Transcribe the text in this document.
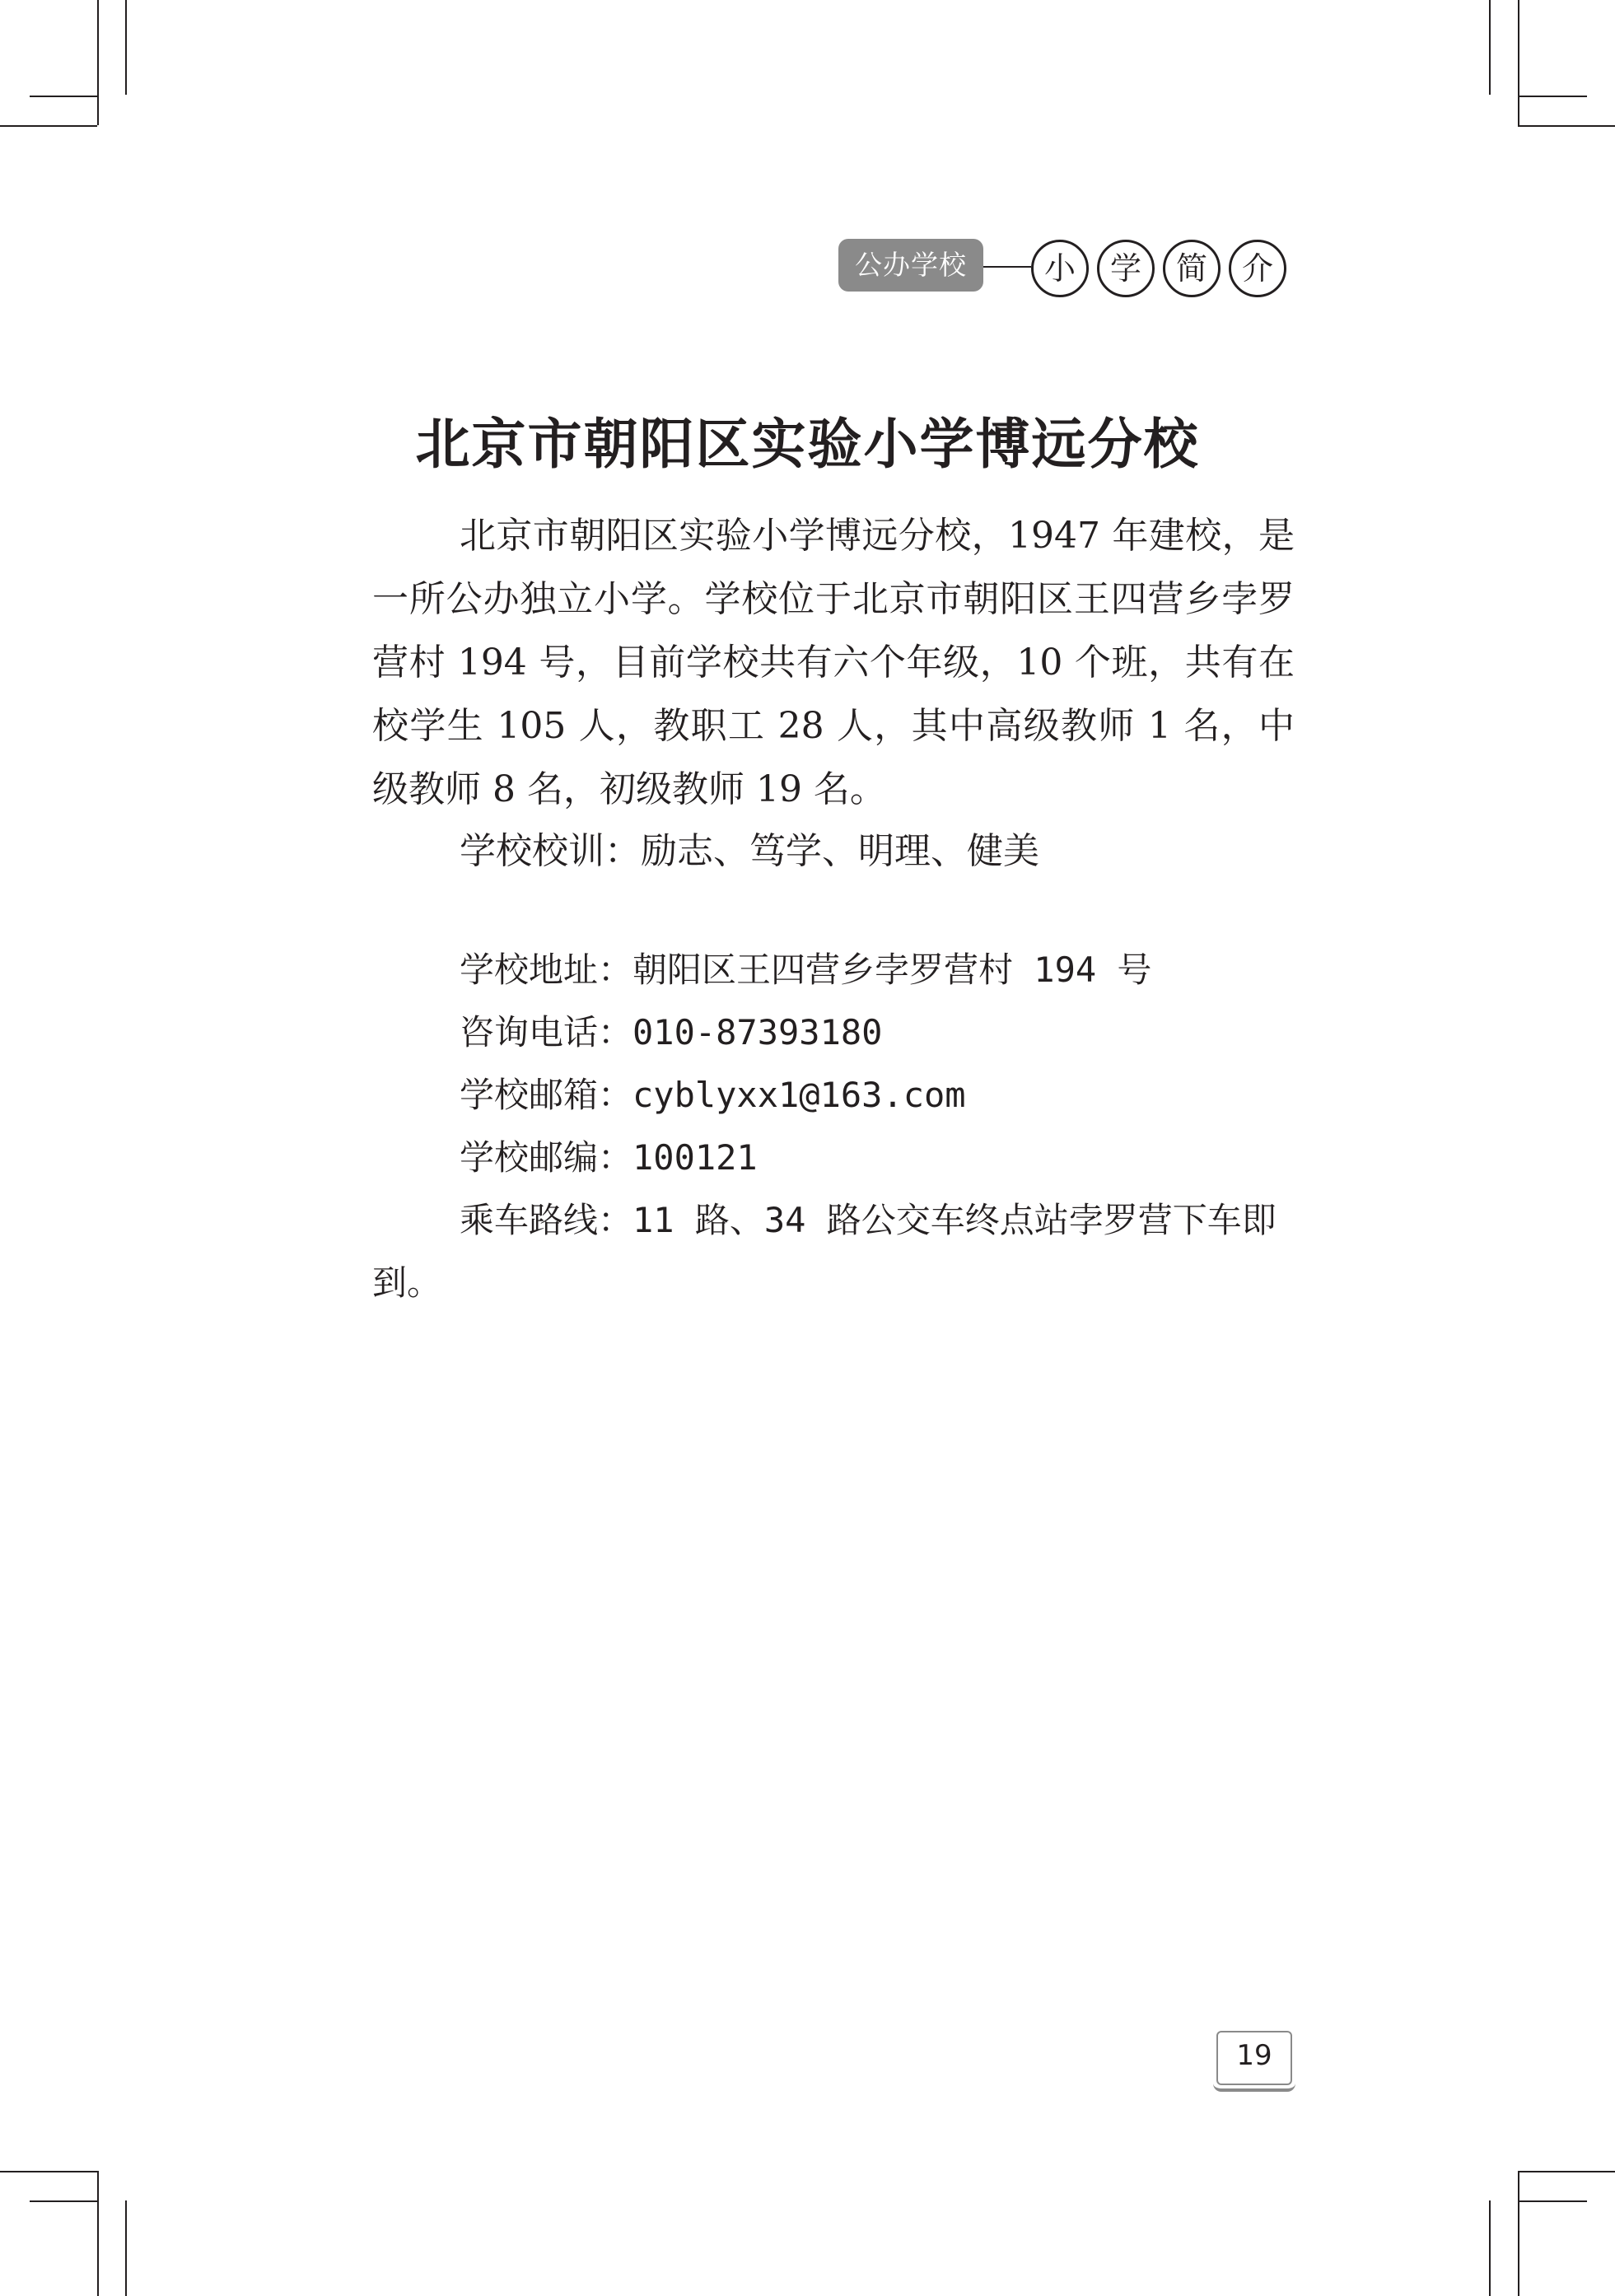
公办学校	小	学	简	介
北京市朝阳区实验小学博远分校

北京市朝阳区实验小学博远分校，1947 年建校，是一所公办独立小学。学校位于北京市朝阳区王四营乡孛罗营村 194 号，目前学校共有六个年级，10 个班，共有在校学生 105 人，教职工 28 人，其中高级教师 1 名，中级教师 8 名，初级教师 19 名。

学校校训：励志、笃学、明理、健美
学校地址：朝阳区王四营乡孛罗营村 194 号
咨询电话：010-87393180
学校邮箱：cyblyxx1@163.com
学校邮编：100121
乘车路线：11 路、34 路公交车终点站孛罗营下车即到。
19
